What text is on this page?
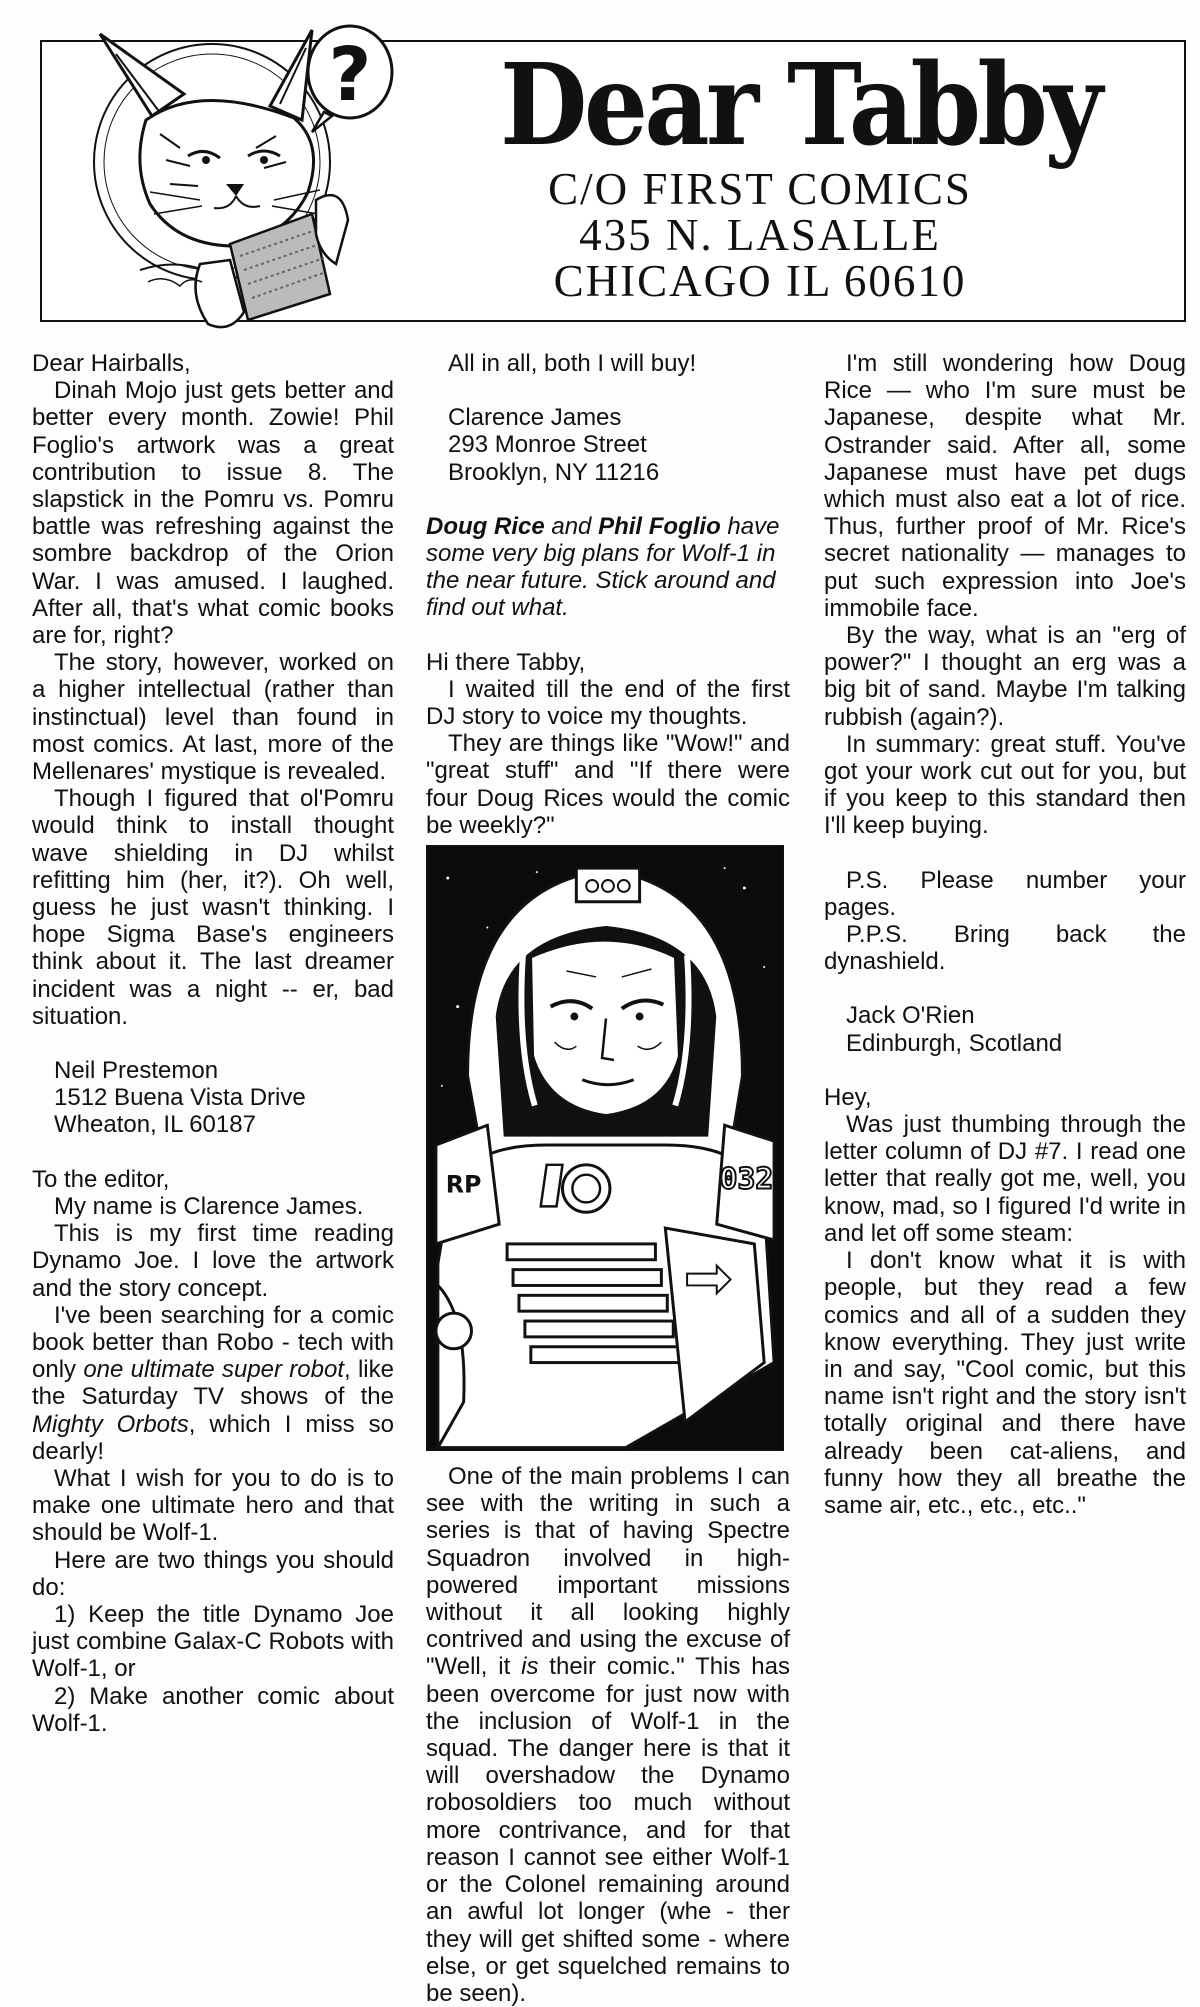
? Dear Tabby
C/O FIRST COMICS
435 N. LASALLE
CHICAGO IL 60610

Dear Hairballs,

Dinah Mojo just gets better and better every month. Zowie! Phil Foglio's artwork was a great contribution to issue 8. The slapstick in the Pomru vs. Pomru battle was refreshing against the sombre backdrop of the Orion War. I was amused. I laughed. After all, that's what comic books are for, right?

The story, however, worked on a higher intellectual (rather than instinctual) level than found in most comics. At last, more of the Mellenares' mystique is revealed.

Though I figured that ol'Pomru would think to install thought wave shielding in DJ whilst refitting him (her, it?). Oh well, guess he just wasn't thinking. I hope Sigma Base's engineers think about it. The last dreamer incident was a night -- er, bad situation.

Neil Prestemon

1512 Buena Vista Drive

Wheaton, IL 60187

To the editor,

My name is Clarence James.

This is my first time reading Dynamo Joe. I love the artwork and the story concept.

I've been searching for a comic book better than Robo - tech with only one ultimate super robot, like the Saturday TV shows of the Mighty Orbots, which I miss so dearly!

What I wish for you to do is to make one ultimate hero and that should be Wolf-1.

Here are two things you should do:

1) Keep the title Dynamo Joe just combine Galax-C Robots with Wolf-1, or

2) Make another comic about Wolf-1.

All in all, both I will buy!

Clarence James

293 Monroe Street

Brooklyn, NY 11216

Doug Rice and Phil Foglio have some very big plans for Wolf-1 in the near future. Stick around and find out what.

Hi there Tabby,

I waited till the end of the first DJ story to voice my thoughts.

They are things like "Wow!" and "great stuff" and "If there were four Doug Rices would the comic be weekly?"

RP	032

One of the main problems I can see with the writing in such a series is that of having Spectre Squadron involved in high-powered important missions without it all looking highly contrived and using the excuse of "Well, it is their comic." This has been overcome for just now with the inclusion of Wolf-1 in the squad. The danger here is that it will overshadow the Dynamo robosoldiers too much without more contrivance, and for that reason I cannot see either Wolf-1 or the Colonel remaining around an awful lot longer (whe - ther they will get shifted some - where else, or get squelched remains to be seen).

I'm still wondering how Doug Rice — who I'm sure must be Japanese, despite what Mr. Ostrander said. After all, some Japanese must have pet dugs which must also eat a lot of rice. Thus, further proof of Mr. Rice's secret nationality — manages to put such expression into Joe's immobile face.

By the way, what is an "erg of power?" I thought an erg was a big bit of sand. Maybe I'm talking rubbish (again?).

In summary: great stuff. You've got your work cut out for you, but if you keep to this standard then I'll keep buying.

P.S. Please number your pages.

P.P.S. Bring back the dynashield.

Jack O'Rien

Edinburgh, Scotland

Hey,

Was just thumbing through the letter column of DJ #7. I read one letter that really got me, well, you know, mad, so I figured I'd write in and let off some steam:

I don't know what it is with people, but they read a few comics and all of a sudden they know everything. They just write in and say, "Cool comic, but this name isn't right and the story isn't totally original and there have already been cat-aliens, and funny how they all breathe the same air, etc., etc., etc.."
